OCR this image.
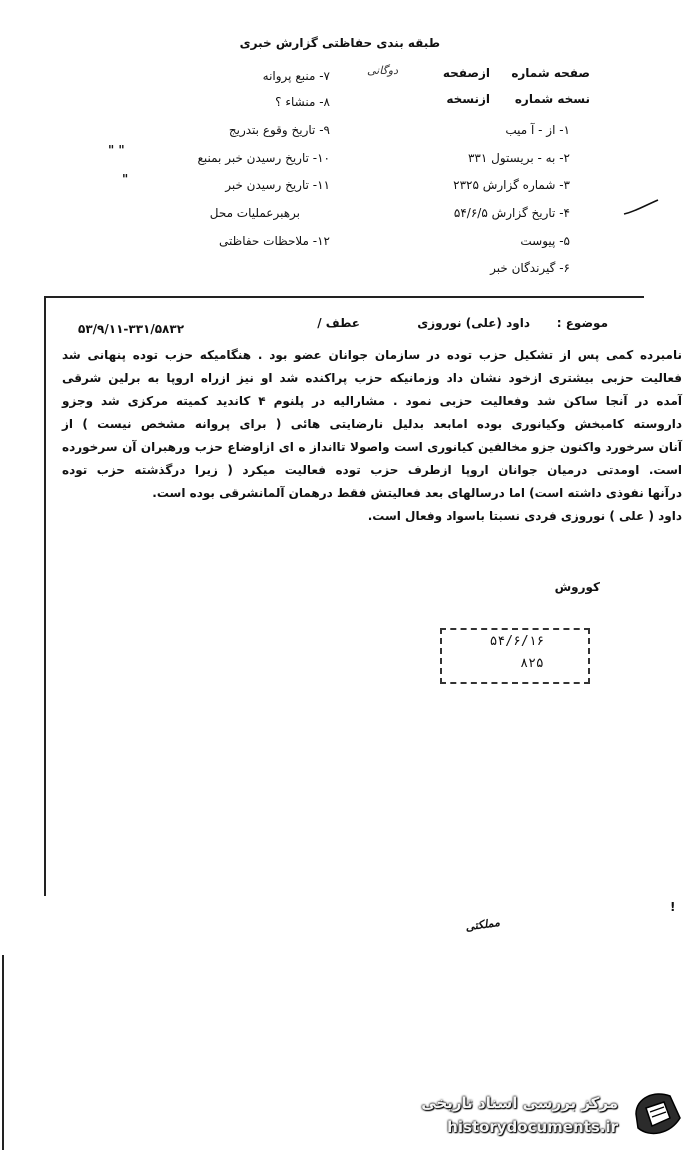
طبقه بندی حفاظتی گزارش خبری
صفحه شماره
ازصفحه
دوگانی
نسخه شماره
ازنسخه
۱- از - آ میب
۲- به - بریستول ۳۳۱
۳- شماره گزارش ۲۳۲۵
۴- تاریخ گزارش ۵۴/۶/۵
۵- پیوست
۶- گیرندگان خبر
۷- منبع پروانه
۸- منشاء ؟
۹- تاریخ وقوع بتدریج
۱۰- تاریخ رسیدن خبر بمنبع
۱۱- تاریخ رسیدن خبر
برهبرعملیات محل
۱۲- ملاحظات حفاظتی
" "
"
موضوع :
داود (علی) نوروزی
عطف /
۵۳/۹/۱۱-۳۳۱/۵۸۳۲

نامبرده کمی پس از تشکیل حزب توده در سازمان جوانان عضو بود . هنگامیکه حزب توده پنهانی شد

فعالیت حزبی بیشتری ازخود نشان داد وزمانیکه حزب پراکنده شد او نیز ازراه اروپا به برلین شرقی

آمده در آنجا ساکن شد وفعالیت حزبی نمود . مشارالیه در پلنوم ۴ کاندید کمیته مرکزی شد وجزو

داروسته کامبخش وکیانوری بوده امابعد بدلیل نارضایتی هائی ( برای پروانه مشخص نیست ) از

آنان سرخورد واکنون جزو مخالفین کیانوری است واصولا تاانداز ه ای ازاوضاع حزب ورهبران آن سرخورده

است. اومدتی درمیان جوانان اروپا ازطرف حزب توده فعالیت میکرد ( زیرا درگذشته حزب توده

درآنها نفوذی داشته است) اما درسالهای بعد فعالیتش فقط درهمان آلمانشرقی بوده است.

داود ( علی ) نوروزی فردی نسبتا باسواد وفعال است.

کوروش
۵۴/۶/۱۶
۸۲۵
مملکتی
!
مرکز بررسی اسناد تاریخی
historydocuments.ir
